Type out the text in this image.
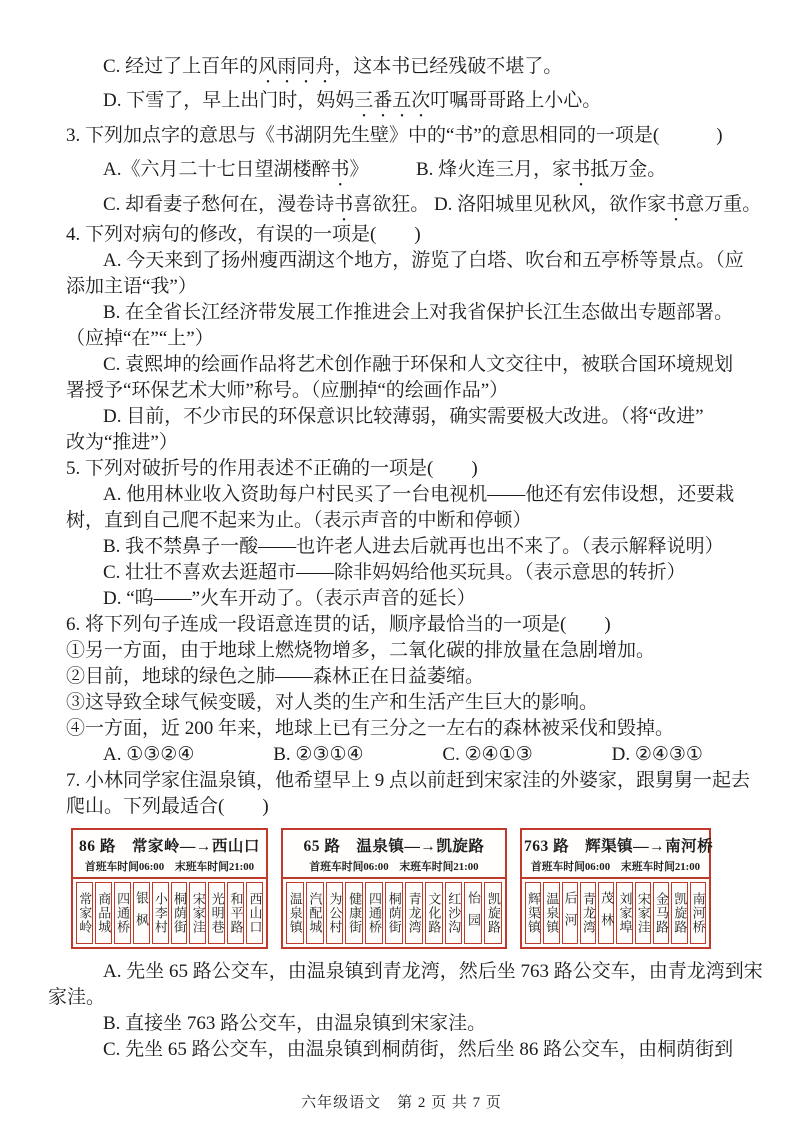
C. 经过了上百年的风雨同舟，这本书已经残破不堪了。
D. 下雪了，早上出门时，妈妈三番五次叮嘱哥哥路上小心。
3. 下列加点字的意思与《书湖阴先生壁》中的“书”的意思相同的一项是(　　　)
A.《六月二十七日望湖楼醉书》　　　B. 烽火连三月，家书抵万金。
C. 却看妻子愁何在，漫卷诗书喜欲狂。 D. 洛阳城里见秋风，欲作家书意万重。
4. 下列对病句的修改，有误的一项是(　　)
A. 今天来到了扬州瘦西湖这个地方，游览了白塔、吹台和五亭桥等景点。（应
添加主语“我”）
B. 在全省长江经济带发展工作推进会上对我省保护长江生态做出专题部署。
（应掉“在”“上”）
C. 袁熙坤的绘画作品将艺术创作融于环保和人文交往中，被联合国环境规划
署授予“环保艺术大师”称号。（应删掉“的绘画作品”）
D. 目前，不少市民的环保意识比较薄弱，确实需要极大改进。（将“改进”
改为“推进”）
5. 下列对破折号的作用表述不正确的一项是(　　)
A. 他用林业收入资助每户村民买了一台电视机——他还有宏伟设想，还要栽
树，直到自己爬不起来为止。（表示声音的中断和停顿）
B. 我不禁鼻子一酸——也许老人进去后就再也出不来了。（表示解释说明）
C. 壮壮不喜欢去逛超市——除非妈妈给他买玩具。（表示意思的转折）
D. “呜——”火车开动了。（表示声音的延长）
6. 将下列句子连成一段语意连贯的话，顺序最恰当的一项是(　　)
①另一方面，由于地球上燃烧物增多，二氧化碳的排放量在急剧增加。
②目前，地球的绿色之肺——森林正在日益萎缩。
③这导致全球气候变暖，对人类的生产和生活产生巨大的影响。
④一方面，近 200 年来，地球上已有三分之一左右的森林被采伐和毁掉。
A. ①③②④	B. ②③①④	C. ②④①③	D. ②④③①
7. 小林同学家住温泉镇，他希望早上 9 点以前赶到宋家洼的外婆家，跟舅舅一起去
爬山。下列最适合(　　)
86 路　常家岭—→西山口
首班车时间06:00　末班车时间21:00
常家岭 商品城 四通桥 银枫 小李村 桐荫街 宋家洼 光明巷 和平路 西山口
65 路　温泉镇—→凯旋路
首班车时间06:00　末班车时间21:00
温泉镇 汽配城 为公村 健康街 四通桥 桐荫街 青龙湾 文化路 红沙沟 怡园 凯旋路
763 路　辉渠镇—→南河桥
首班车时间06:00　末班车时间21:00
辉渠镇 温泉镇 后河 青龙湾 茂林 刘家埠 宋家洼 金马路 凯旋路 南河桥
A. 先坐 65 路公交车，由温泉镇到青龙湾，然后坐 763 路公交车，由青龙湾到宋
家洼。
B. 直接坐 763 路公交车，由温泉镇到宋家洼。
C. 先坐 65 路公交车，由温泉镇到桐荫街，然后坐 86 路公交车，由桐荫街到
六年级语文　第 2 页 共 7 页
